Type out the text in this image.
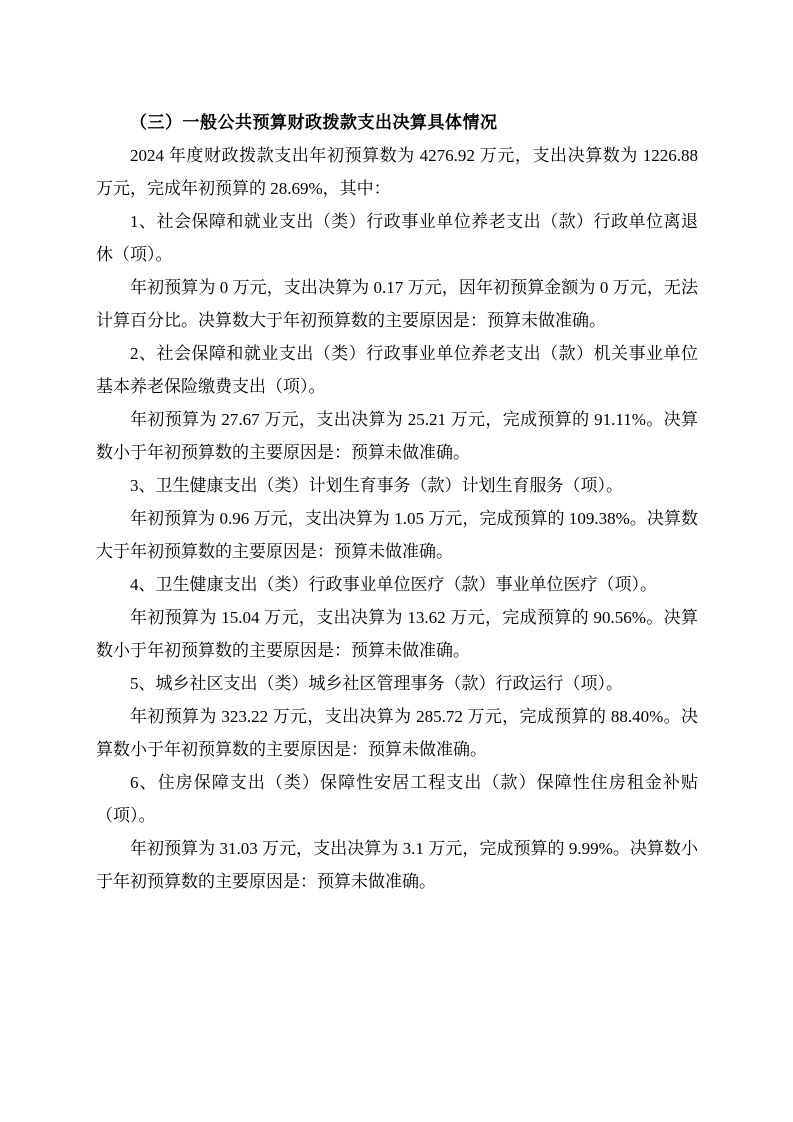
（三）一般公共预算财政拨款支出决算具体情况

2024 年度财政拨款支出年初预算数为 4276.92 万元，支出决算数为 1226.88 万元，完成年初预算的 28.69%，其中：

1、社会保障和就业支出（类）行政事业单位养老支出（款）行政单位离退休（项）。

年初预算为 0 万元，支出决算为 0.17 万元，因年初预算金额为 0 万元，无法计算百分比。决算数大于年初预算数的主要原因是：预算未做准确。

2、社会保障和就业支出（类）行政事业单位养老支出（款）机关事业单位基本养老保险缴费支出（项）。

年初预算为 27.67 万元，支出决算为 25.21 万元，完成预算的 91.11%。决算数小于年初预算数的主要原因是：预算未做准确。

3、卫生健康支出（类）计划生育事务（款）计划生育服务（项）。

年初预算为 0.96 万元，支出决算为 1.05 万元，完成预算的 109.38%。决算数大于年初预算数的主要原因是：预算未做准确。

4、卫生健康支出（类）行政事业单位医疗（款）事业单位医疗（项）。

年初预算为 15.04 万元，支出决算为 13.62 万元，完成预算的 90.56%。决算数小于年初预算数的主要原因是：预算未做准确。

5、城乡社区支出（类）城乡社区管理事务（款）行政运行（项）。

年初预算为 323.22 万元，支出决算为 285.72 万元，完成预算的 88.40%。决算数小于年初预算数的主要原因是：预算未做准确。

6、住房保障支出（类）保障性安居工程支出（款）保障性住房租金补贴（项）。

年初预算为 31.03 万元，支出决算为 3.1 万元，完成预算的 9.99%。决算数小于年初预算数的主要原因是：预算未做准确。
